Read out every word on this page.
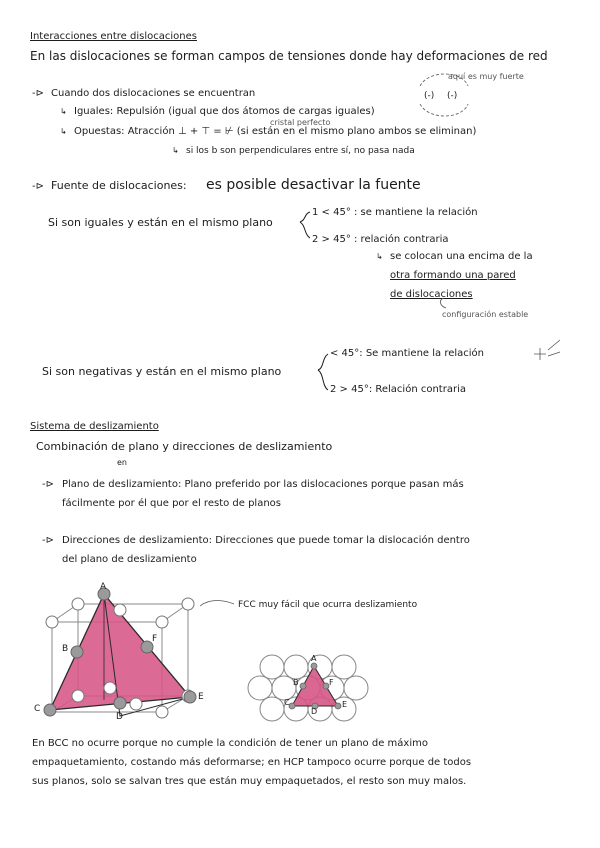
Interacciones entre dislocaciones
En las dislocaciones se forman campos de tensiones donde hay deformaciones de red
aquí es muy fuerte
(-) (-)
-⊳ Cuando dos dislocaciones se encuentran
↳ Iguales: Repulsión (igual que dos átomos de cargas iguales)
cristal perfecto
↳ Opuestas: Atracción ⊥ + ⊤ = ⊬ (si están en el mismo plano ambos se eliminan)
↳ si los b son perpendiculares entre sí, no pasa nada
-⊳ Fuente de dislocaciones: es posible desactivar la fuente
Si son iguales y están en el mismo plano
1 < 45° : se mantiene la relación
2 > 45° : relación contraria
↳ se colocan una encima de la
otra formando una pared
de dislocaciones
configuración estable
Si son negativas y están en el mismo plano
< 45°: Se mantiene la relación
2 > 45°: Relación contraria
Sistema de deslizamiento
Combinación de plano y direcciones de deslizamiento
en
-⊳ Plano de deslizamiento: Plano preferido por las dislocaciones porque pasan más
fácilmente por él que por el resto de planos
-⊳ Direcciones de deslizamiento: Direcciones que puede tomar la dislocación dentro
del plano de deslizamiento
FCC muy fácil que ocurra deslizamiento
A
B
C
D
E
F
A
B
C
D
E
F
En BCC no ocurre porque no cumple la condición de tener un plano de máximo
empaquetamiento, costando más deformarse; en HCP tampoco ocurre porque de todos
sus planos, solo se salvan tres que están muy empaquetados, el resto son muy malos.
